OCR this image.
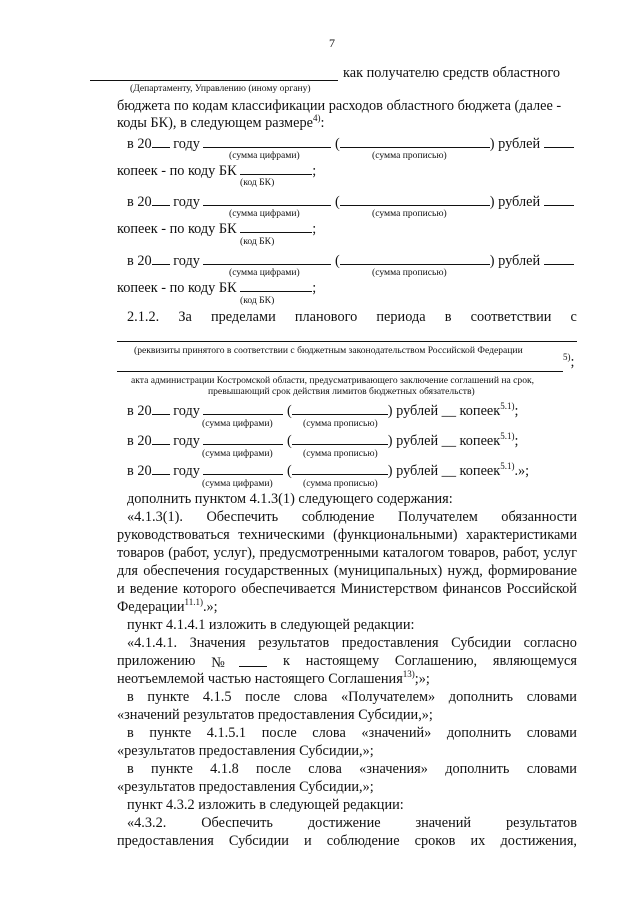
7
как получателю средств областного
(Департаменту, Управлению (иному органу)
бюджета по кодам классификации расходов областного бюджета (далее -
коды БК), в следующем размере$^{4)}$:
в 20 году	(	) рублей
(сумма цифрами)	(сумма прописью)
копеек - по коду БК	;
(код БК)
в 20 году	(	) рублей
(сумма цифрами)	(сумма прописью)
копеек - по коду БК	;
(код БК)
в 20 году	(	) рублей
(сумма цифрами)	(сумма прописью)
копеек - по коду БК	;
(код БК)
2.1.2. За пределами планового периода в соответствии с
(реквизиты принятого в соответствии с бюджетным законодательством Российской Федерации
$^{5)}$;
акта администрации Костромской области, предусматривающего заключение соглашений на срок,
превышающий срок действия лимитов бюджетных обязательств)
в 20 году	(	) рублей __ копеек$^{5.1)}$;
(сумма цифрами)	(сумма прописью)
в 20 году	(	) рублей __ копеек$^{5.1)}$;
(сумма цифрами)	(сумма прописью)
в 20 году	(	) рублей __ копеек$^{5.1)}$.»;
(сумма цифрами)	(сумма прописью)
дополнить пунктом 4.1.3(1) следующего содержания:
«4.1.3(1). Обеспечить соблюдение Получателем обязанности
руководствоваться техническими (функциональными) характеристиками
товаров (работ, услуг), предусмотренными каталогом товаров, работ, услуг
для обеспечения государственных (муниципальных) нужд, формирование
и ведение которого обеспечивается Министерством финансов Российской
Федерации$^{11.1)}$.»;
пункт 4.1.4.1 изложить в следующей редакции:
«4.1.4.1. Значения результатов предоставления Субсидии согласно
приложению №	к настоящему Соглашению, являющемуся
неотъемлемой частью настоящего Соглашения$^{13)}$;»;
в пункте 4.1.5 после слова «Получателем» дополнить словами
«значений результатов предоставления Субсидии,»;
в пункте 4.1.5.1 после слова «значений» дополнить словами
«результатов предоставления Субсидии,»;
в пункте 4.1.8 после слова «значения» дополнить словами
«результатов предоставления Субсидии,»;
пункт 4.3.2 изложить в следующей редакции:
«4.3.2. Обеспечить достижение значений результатов
предоставления Субсидии и соблюдение сроков их достижения,
